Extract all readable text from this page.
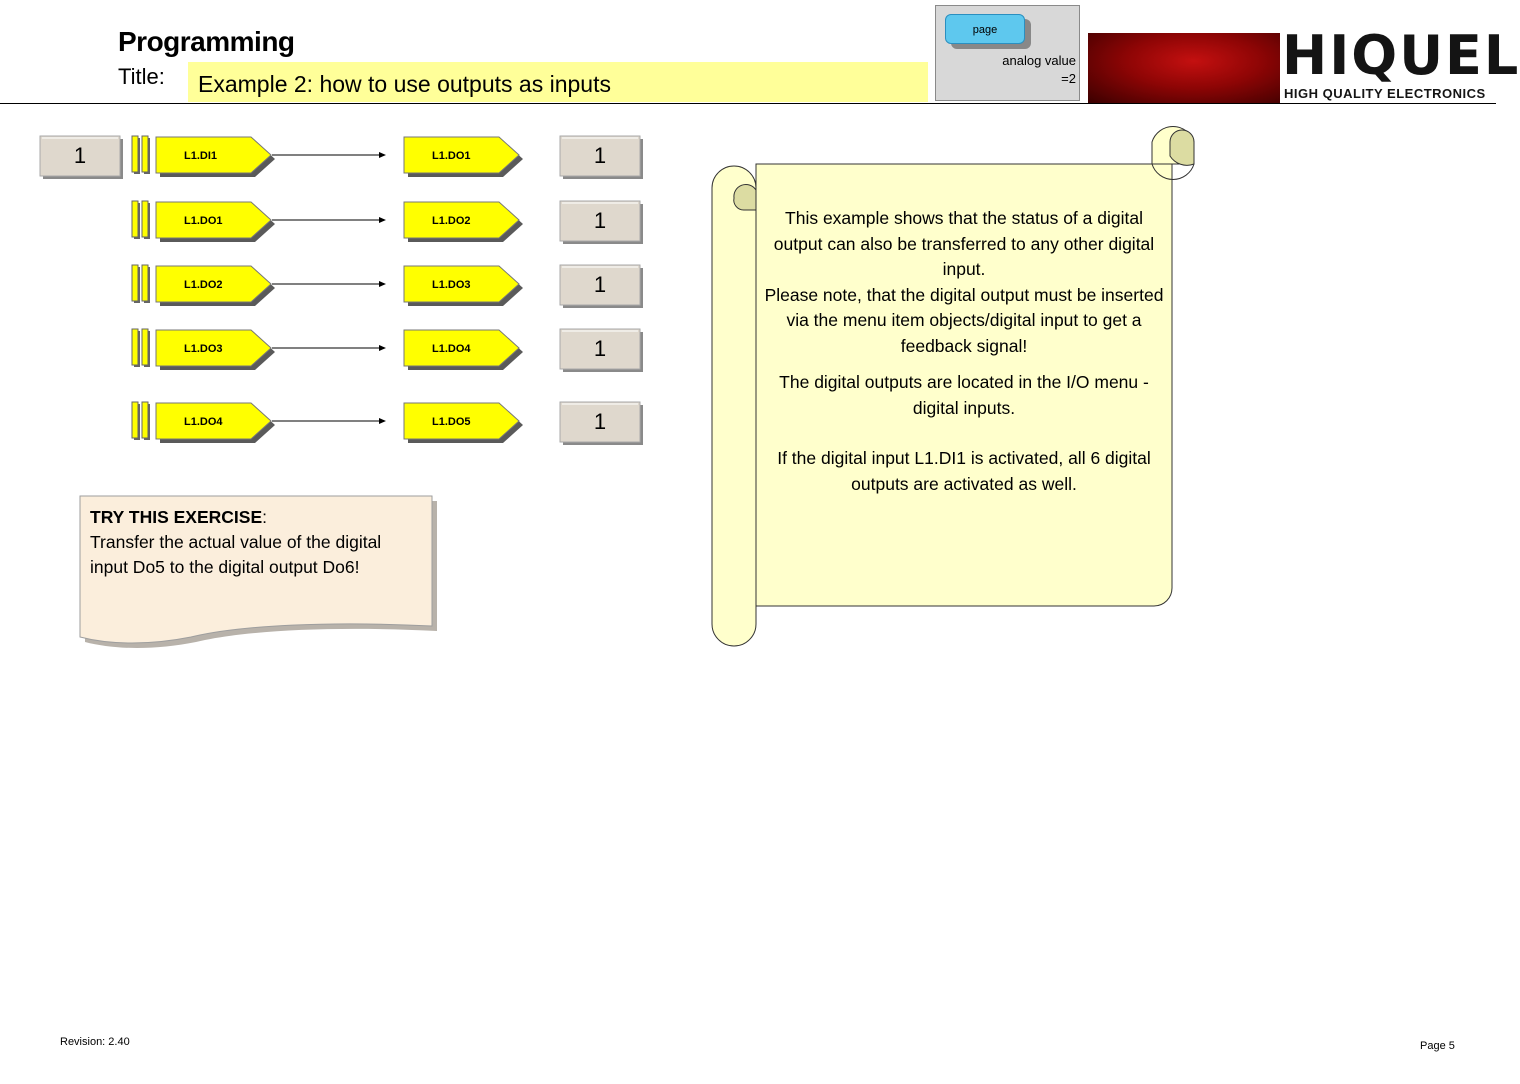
Programming
Title:	Example 2: how to use outputs as inputs
page
analog value
=2	HIQUEL
HIGH QUALITY ELECTRONICS
1	L1.DI1	L1.DO1	1
L1.DO1	L1.DO2	1
L1.DO2	L1.DO3	1
L1.DO3	L1.DO4	1
L1.DO4	L1.DO5	1
TRY THIS EXERCISE:
Transfer the actual value of the digital input Do5 to the digital output Do6!

This example shows that the status of a digital output can also be transferred to any other digital input.

Please note, that the digital output must be inserted via the menu item objects/digital input to get a feedback signal!

The digital outputs are located in the I/O menu -digital inputs.

If the digital input L1.DI1 is activated, all 6 digital outputs are activated as well.

Revision: 2.40	Page 5
